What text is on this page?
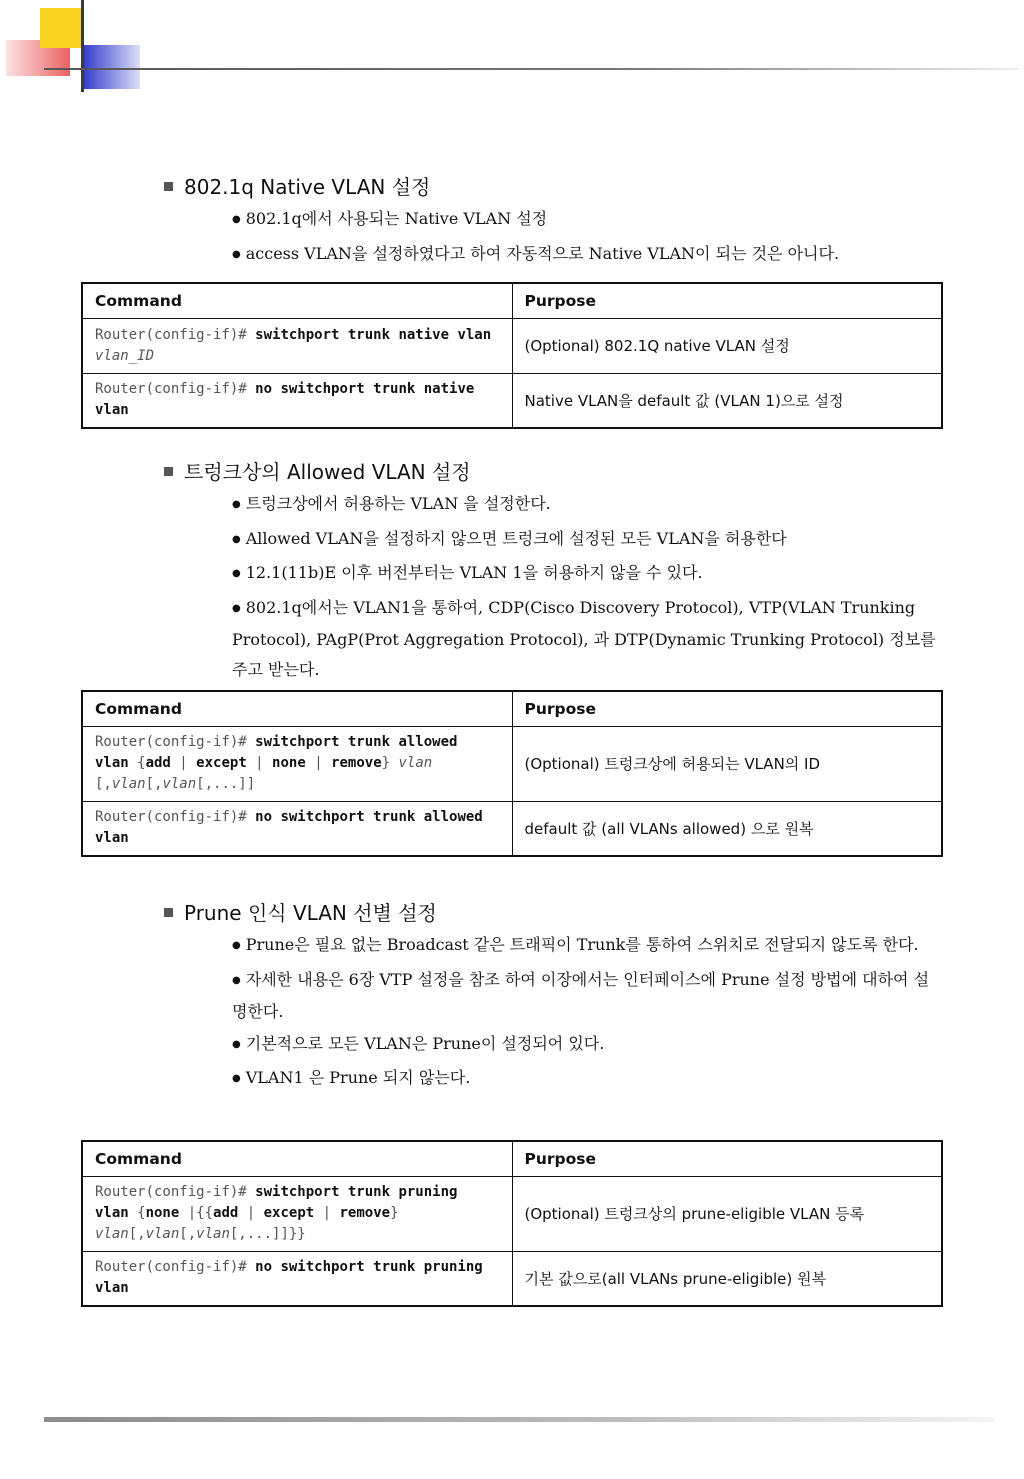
802.1q Native VLAN 설정
● 802.1q에서 사용되는 Native VLAN 설정
● access VLAN을 설정하였다고 하여 자동적으로 Native VLAN이 되는 것은 아니다.
Command	Purpose
Router(config-if)# switchport trunk native vlan vlan_ID	(Optional) 802.1Q native VLAN 설정
Router(config-if)# no switchport trunk native vlan	Native VLAN을 default 값 (VLAN 1)으로 설정
트렁크상의 Allowed VLAN 설정
● 트렁크상에서 허용하는 VLAN 을 설정한다.
● Allowed VLAN을 설정하지 않으면 트렁크에 설정된 모든 VLAN을 허용한다
● 12.1(11b)E 이후 버전부터는 VLAN 1을 허용하지 않을 수 있다.
● 802.1q에서는 VLAN1을 통하여, CDP(Cisco Discovery Protocol), VTP(VLAN Trunking Protocol), PAgP(Prot Aggregation Protocol), 과 DTP(Dynamic Trunking Protocol) 정보를 주고 받는다.
Command	Purpose
Router(config-if)# switchport trunk allowed vlan {add | except | none | remove} vlan [,vlan[,vlan[,...]]	(Optional) 트렁크상에 허용되는 VLAN의 ID
Router(config-if)# no switchport trunk allowed vlan	default 값 (all VLANs allowed) 으로 원복
Prune 인식 VLAN 선별 설정
● Prune은 필요 없는 Broadcast 같은 트래픽이 Trunk를 통하여 스위치로 전달되지 않도록 한다.
● 자세한 내용은 6장 VTP 설정을 참조 하여 이장에서는 인터페이스에 Prune 설정 방법에 대하여 설명한다.
● 기본적으로 모든 VLAN은 Prune이 설정되어 있다.
● VLAN1 은 Prune 되지 않는다.
Command	Purpose
Router(config-if)# switchport trunk pruning vlan {none |{{add | except | remove} vlan[,vlan[,vlan[,...]]}}	(Optional) 트렁크상의 prune-eligible VLAN 등록
Router(config-if)# no switchport trunk pruning vlan	기본 값으로(all VLANs prune-eligible) 원복
